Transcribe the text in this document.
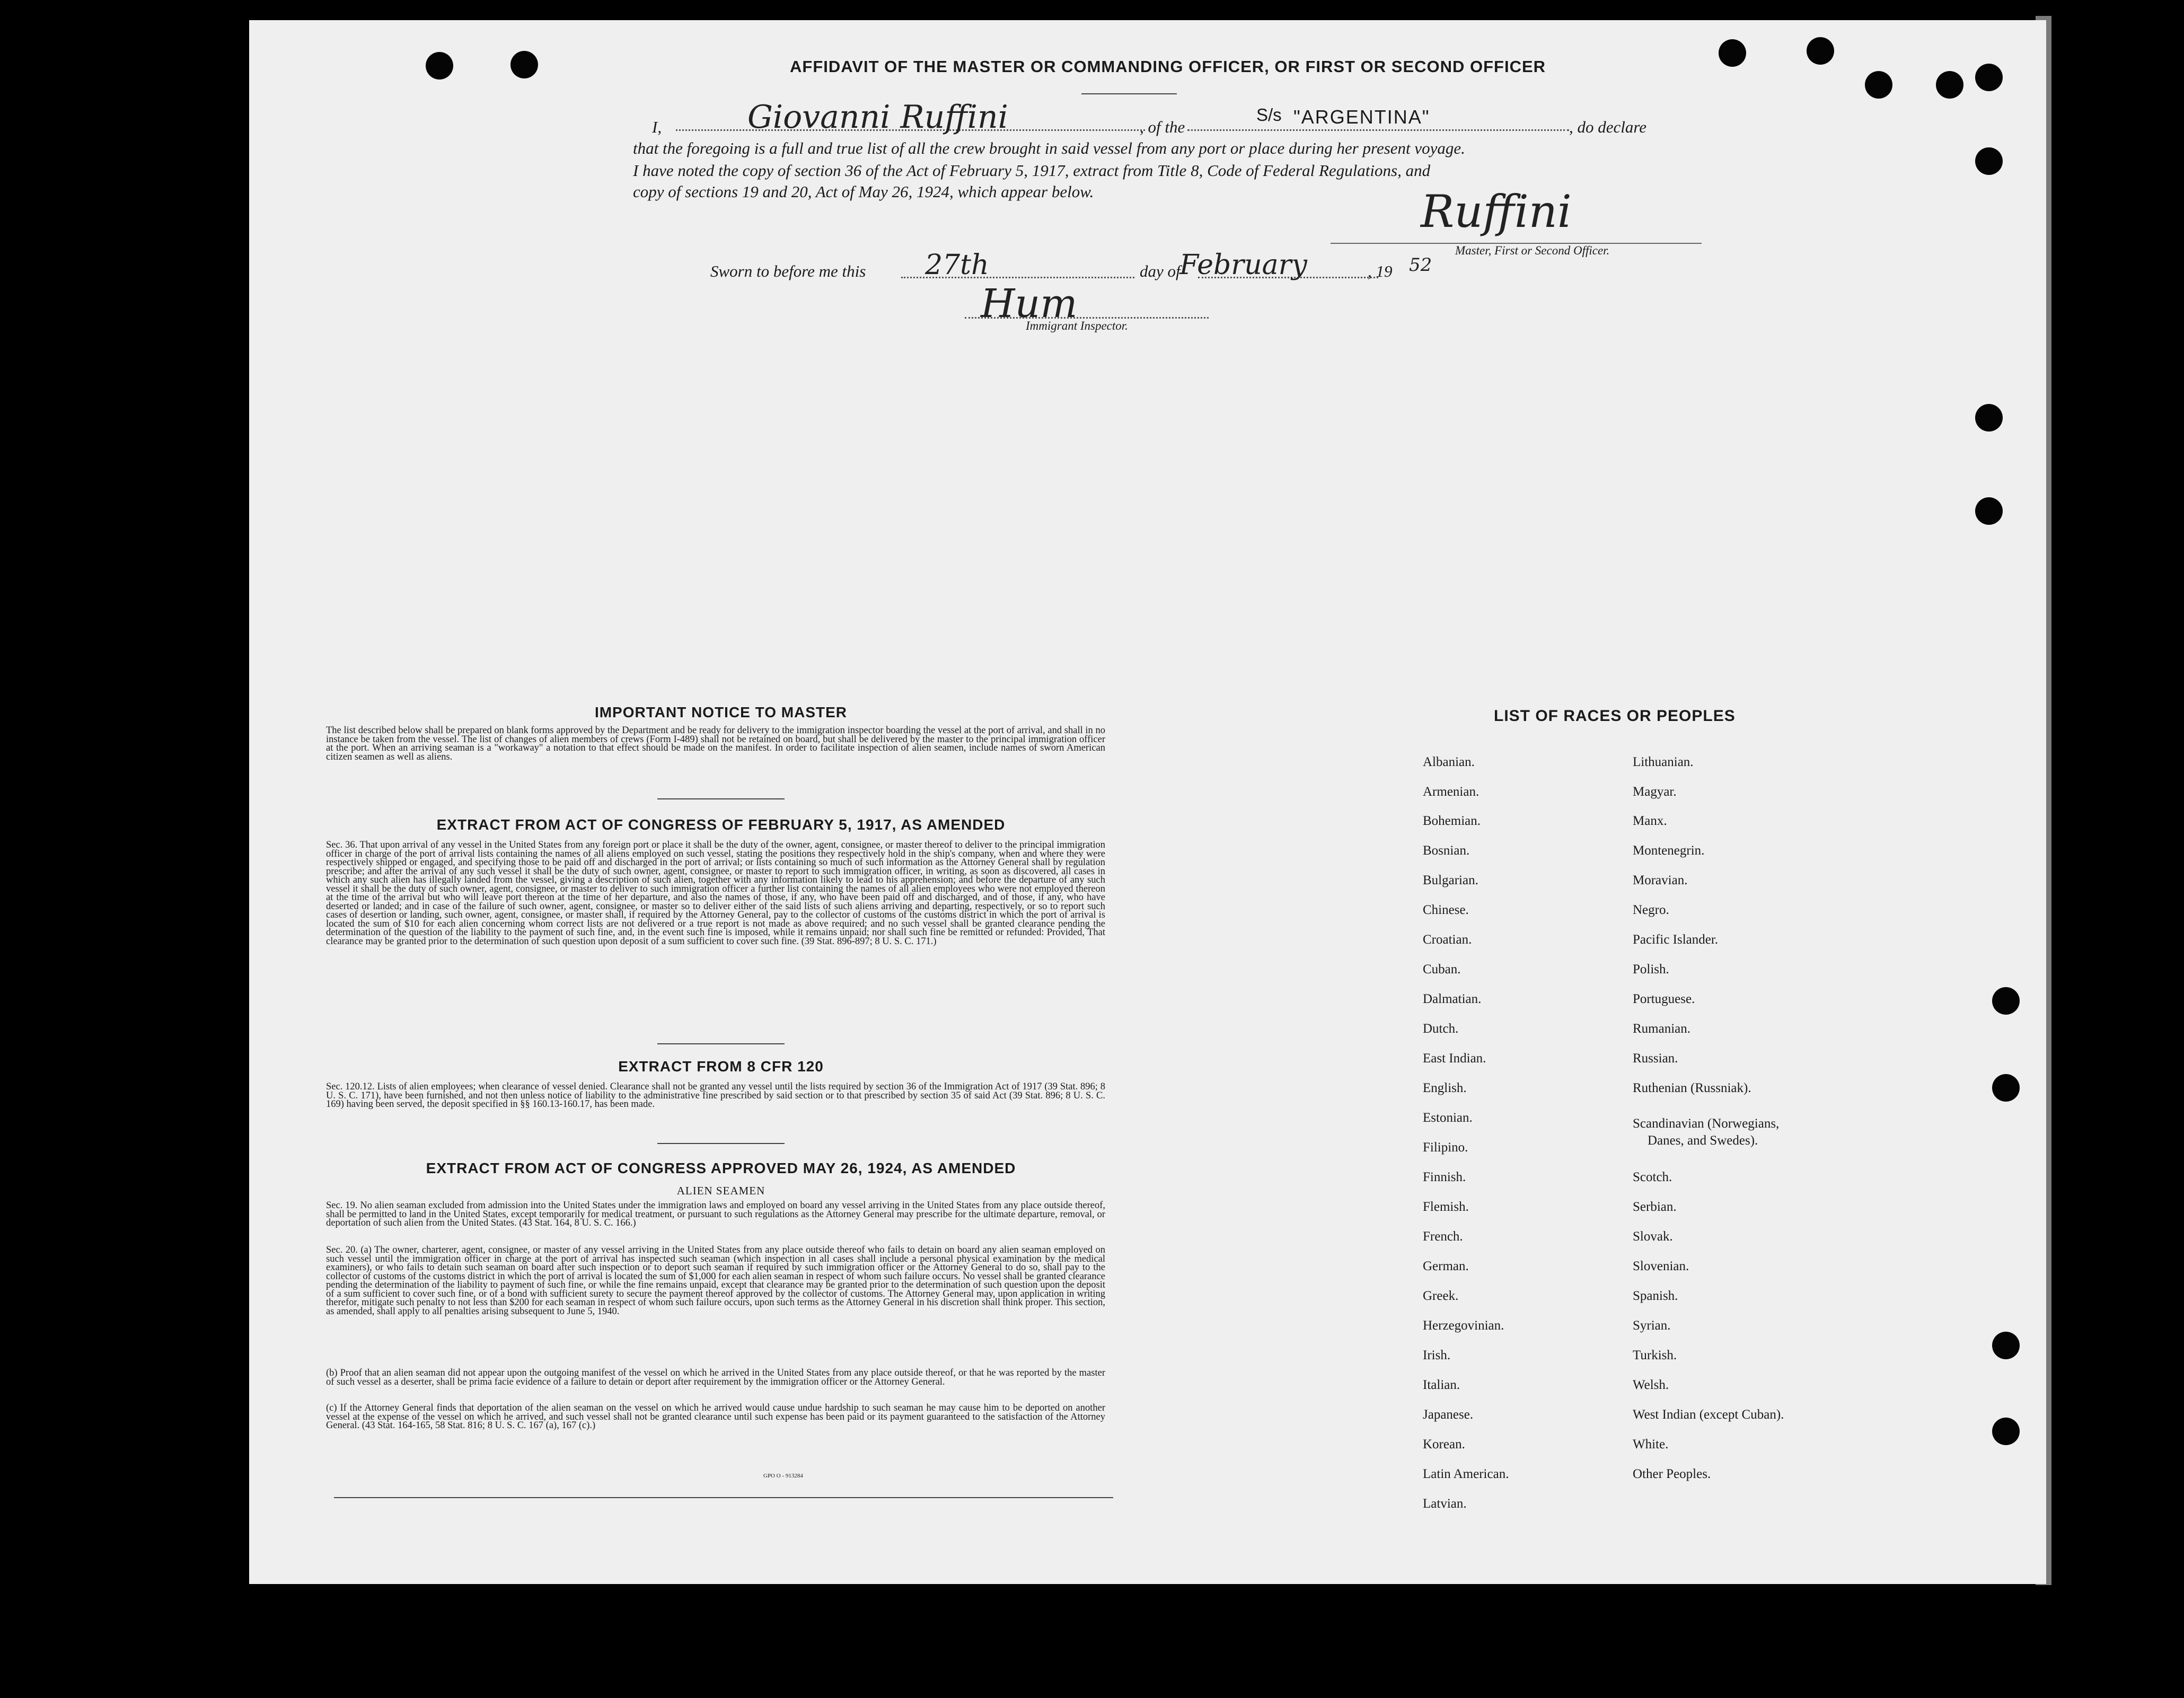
AFFIDAVIT OF THE MASTER OR COMMANDING OFFICER, OR FIRST OR SECOND OFFICER
I,	Giovanni Ruffini	, of the
S/s "ARGENTINA"	, do declare
that the foregoing is a full and true list of all the crew brought in said vessel from any port or place during her present voyage.
I have noted the copy of section 36 of the Act of February 5, 1917, extract from Title 8, Code of Federal Regulations, and
copy of sections 19 and 20, Act of May 26, 1924, which appear below.	Ruffini
Master, First or Second Officer.
Sworn to before me this 27th	day of
February	, 19 52
Hum
Immigrant Inspector.
IMPORTANT NOTICE TO MASTER
The list described below shall be prepared on blank forms approved by the Department and be ready for delivery to the immigration inspector boarding the vessel at the port of arrival, and shall in no instance be taken from the vessel. The list of changes of alien members of crews (Form I-489) shall not be retained on board, but shall be delivered by the master to the principal immigration officer at the port. When an arriving seaman is a "workaway" a notation to that effect should be made on the manifest. In order to facilitate inspection of alien seamen, include names of sworn American citizen seamen as well as aliens.
EXTRACT FROM ACT OF CONGRESS OF FEBRUARY 5, 1917, AS AMENDED
Sec. 36. That upon arrival of any vessel in the United States from any foreign port or place it shall be the duty of the owner, agent, consignee, or master thereof to deliver to the principal immigration officer in charge of the port of arrival lists containing the names of all aliens employed on such vessel, stating the positions they respectively hold in the ship's company, when and where they were respectively shipped or engaged, and specifying those to be paid off and discharged in the port of arrival; or lists containing so much of such information as the Attorney General shall by regulation prescribe; and after the arrival of any such vessel it shall be the duty of such owner, agent, consignee, or master to report to such immigration officer, in writing, as soon as discovered, all cases in which any such alien has illegally landed from the vessel, giving a description of such alien, together with any information likely to lead to his apprehension; and before the departure of any such vessel it shall be the duty of such owner, agent, consignee, or master to deliver to such immigration officer a further list containing the names of all alien employees who were not employed thereon at the time of the arrival but who will leave port thereon at the time of her departure, and also the names of those, if any, who have been paid off and discharged, and of those, if any, who have deserted or landed; and in case of the failure of such owner, agent, consignee, or master so to deliver either of the said lists of such aliens arriving and departing, respectively, or so to report such cases of desertion or landing, such owner, agent, consignee, or master shall, if required by the Attorney General, pay to the collector of customs of the customs district in which the port of arrival is located the sum of $10 for each alien concerning whom correct lists are not delivered or a true report is not made as above required; and no such vessel shall be granted clearance pending the determination of the question of the liability to the payment of such fine, and, in the event such fine is imposed, while it remains unpaid; nor shall such fine be remitted or refunded: Provided, That clearance may be granted prior to the determination of such question upon deposit of a sum sufficient to cover such fine. (39 Stat. 896-897; 8 U. S. C. 171.)
EXTRACT FROM 8 CFR 120
Sec. 120.12. Lists of alien employees; when clearance of vessel denied. Clearance shall not be granted any vessel until the lists required by section 36 of the Immigration Act of 1917 (39 Stat. 896; 8 U. S. C. 171), have been furnished, and not then unless notice of liability to the administrative fine prescribed by said section or to that prescribed by section 35 of said Act (39 Stat. 896; 8 U. S. C. 169) having been served, the deposit specified in §§ 160.13-160.17, has been made.
EXTRACT FROM ACT OF CONGRESS APPROVED MAY 26, 1924, AS AMENDED
ALIEN SEAMEN
Sec. 19. No alien seaman excluded from admission into the United States under the immigration laws and employed on board any vessel arriving in the United States from any place outside thereof, shall be permitted to land in the United States, except temporarily for medical treatment, or pursuant to such regulations as the Attorney General may prescribe for the ultimate departure, removal, or deportation of such alien from the United States. (43 Stat. 164, 8 U. S. C. 166.)
Sec. 20. (a) The owner, charterer, agent, consignee, or master of any vessel arriving in the United States from any place outside thereof who fails to detain on board any alien seaman employed on such vessel until the immigration officer in charge at the port of arrival has inspected such seaman (which inspection in all cases shall include a personal physical examination by the medical examiners), or who fails to detain such seaman on board after such inspection or to deport such seaman if required by such immigration officer or the Attorney General to do so, shall pay to the collector of customs of the customs district in which the port of arrival is located the sum of $1,000 for each alien seaman in respect of whom such failure occurs. No vessel shall be granted clearance pending the determination of the liability to payment of such fine, or while the fine remains unpaid, except that clearance may be granted prior to the determination of such question upon the deposit of a sum sufficient to cover such fine, or of a bond with sufficient surety to secure the payment thereof approved by the collector of customs. The Attorney General may, upon application in writing therefor, mitigate such penalty to not less than $200 for each seaman in respect of whom such failure occurs, upon such terms as the Attorney General in his discretion shall think proper. This section, as amended, shall apply to all penalties arising subsequent to June 5, 1940.
(b) Proof that an alien seaman did not appear upon the outgoing manifest of the vessel on which he arrived in the United States from any place outside thereof, or that he was reported by the master of such vessel as a deserter, shall be prima facie evidence of a failure to detain or deport after requirement by the immigration officer or the Attorney General.
(c) If the Attorney General finds that deportation of the alien seaman on the vessel on which he arrived would cause undue hardship to such seaman he may cause him to be deported on another vessel at the expense of the vessel on which he arrived, and such vessel shall not be granted clearance until such expense has been paid or its payment guaranteed to the satisfaction of the Attorney General. (43 Stat. 164-165, 58 Stat. 816; 8 U. S. C. 167 (a), 167 (c).)
GPO O - 913284
LIST OF RACES OR PEOPLES
Albanian.
Armenian.
Bohemian.
Bosnian.
Bulgarian.
Chinese.
Croatian.
Cuban.
Dalmatian.
Dutch.
East Indian.
English.
Estonian.
Filipino.
Finnish.
Flemish.
French.
German.
Greek.
Herzegovinian.
Irish.
Italian.
Japanese.
Korean.
Latin American.
Latvian.
Lithuanian.
Magyar.
Manx.
Montenegrin.
Moravian.
Negro.
Pacific Islander.
Polish.
Portuguese.
Rumanian.
Russian.
Ruthenian (Russniak).
Scandinavian (Norwegians,
Danes, and Swedes).
Scotch.
Serbian.
Slovak.
Slovenian.
Spanish.
Syrian.
Turkish.
Welsh.
West Indian (except Cuban).
White.
Other Peoples.
